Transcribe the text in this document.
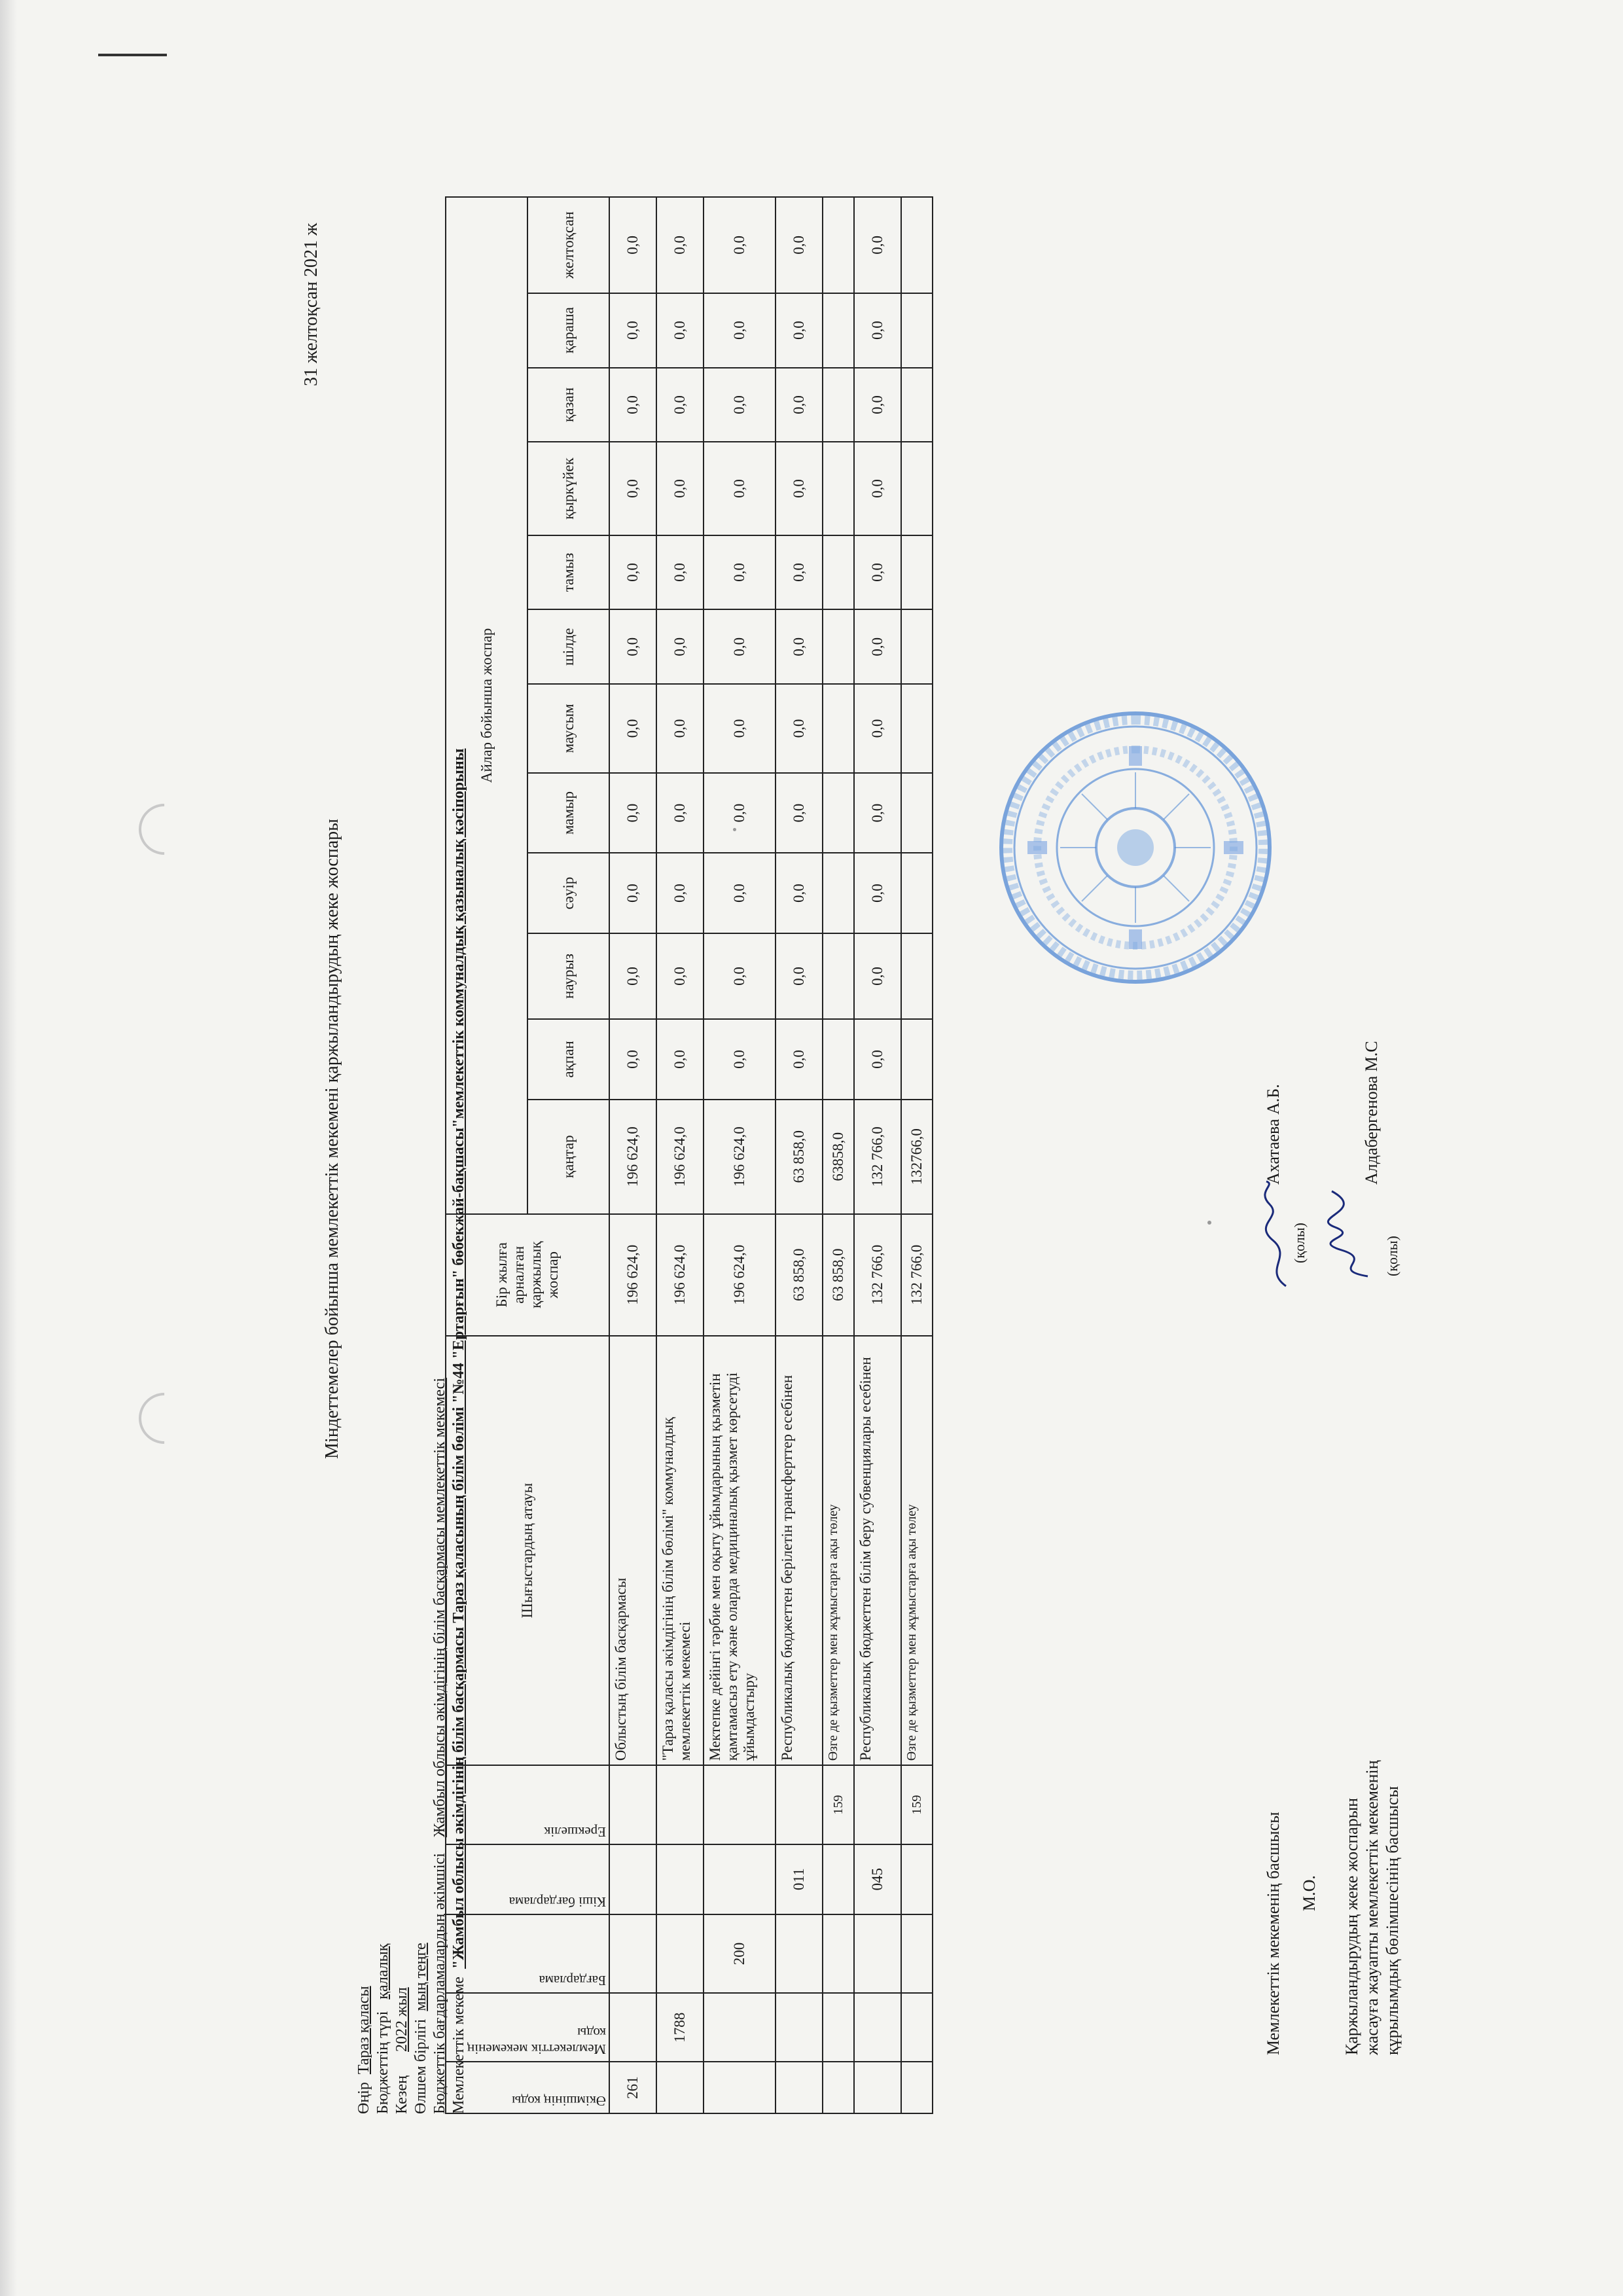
31 желтоқсан 2021 ж
Міндеттемелер бойынша мемлекеттік мекемені қаржыландырудың жеке жоспары
Өңір  Тараз қаласы Бюджеттің түрі   қалалық
Кезең      2022 жыл Өлшем бірлігі  мың теңге Бюджеттік бағдарламалардың әкімшісі    Жамбыл облысы әкімдігінің білім басқармасы мемлекеттік мекемесі
Мемлекеттік мекеме  "Жамбыл облысы әкімдігінің білім басқармасы Тараз қаласының білім бөлімі "№44 "Ертарғын" бөбекжай-бақшасы"мемлекеттік коммуналдық қазыналық кәсіпорыны
Әкімшінің коды	Мемлекеттік мекеменің коды	Бағдарлама	Кіші бағдарлама	Ерекшелік	Шығыстардың атауы	Бір жылға арналған қаржылық жоспар	Айлар бойынша жоспар											
							қаңтар	ақпан	наурыз	сәуір	мамыр	маусым	шілде	тамыз	қыркүйек	қазан	қараша	желтоқсан
261					Облыстың білім басқармасы	196 624,0	196 624,0	0,0	0,0	0,0	0,0	0,0	0,0	0,0	0,0	0,0	0,0	0,0
	1788				"Тараз қаласы әкімдігінің білім бөлімі" коммуналдық мемлекеттік мекемесі	196 624,0	196 624,0	0,0	0,0	0,0	0,0	0,0	0,0	0,0	0,0	0,0	0,0	0,0
		200			Мектепке дейінгі тәрбие мен оқыту ұйымдарының қызметін қамтамасыз ету және оларда медициналық қызмет көрсетуді ұйымдастыру	196 624,0	196 624,0	0,0	0,0	0,0	0,0	0,0	0,0	0,0	0,0	0,0	0,0	0,0
			011		Республикалық бюджеттен берілетін трансферттер есебінен	63 858,0	63 858,0	0,0	0,0	0,0	0,0	0,0	0,0	0,0	0,0	0,0	0,0	0,0
				159	Өзге де қызметтер мен жұмыстарға ақы төлеу	63 858,0	63858,0											
			045		Республикалық бюджеттен білім беру субвенциялары есебінен	132 766,0	132 766,0	0,0	0,0	0,0	0,0	0,0	0,0	0,0	0,0	0,0	0,0	0,0
				159	Өзге де қызметтер мен жұмыстарға ақы төлеу	132 766,0	132766,0											
Мемлекеттік мекеменің басшысы М.О.
(қолы)
Ахатаева А.Б.
Қаржыландырудың жеке жоспарын жасауға жауапты мемлекеттік мекеменің құрылымдық бөлімшесінің басшысы
(қолы)
Алдабергенова М.С
